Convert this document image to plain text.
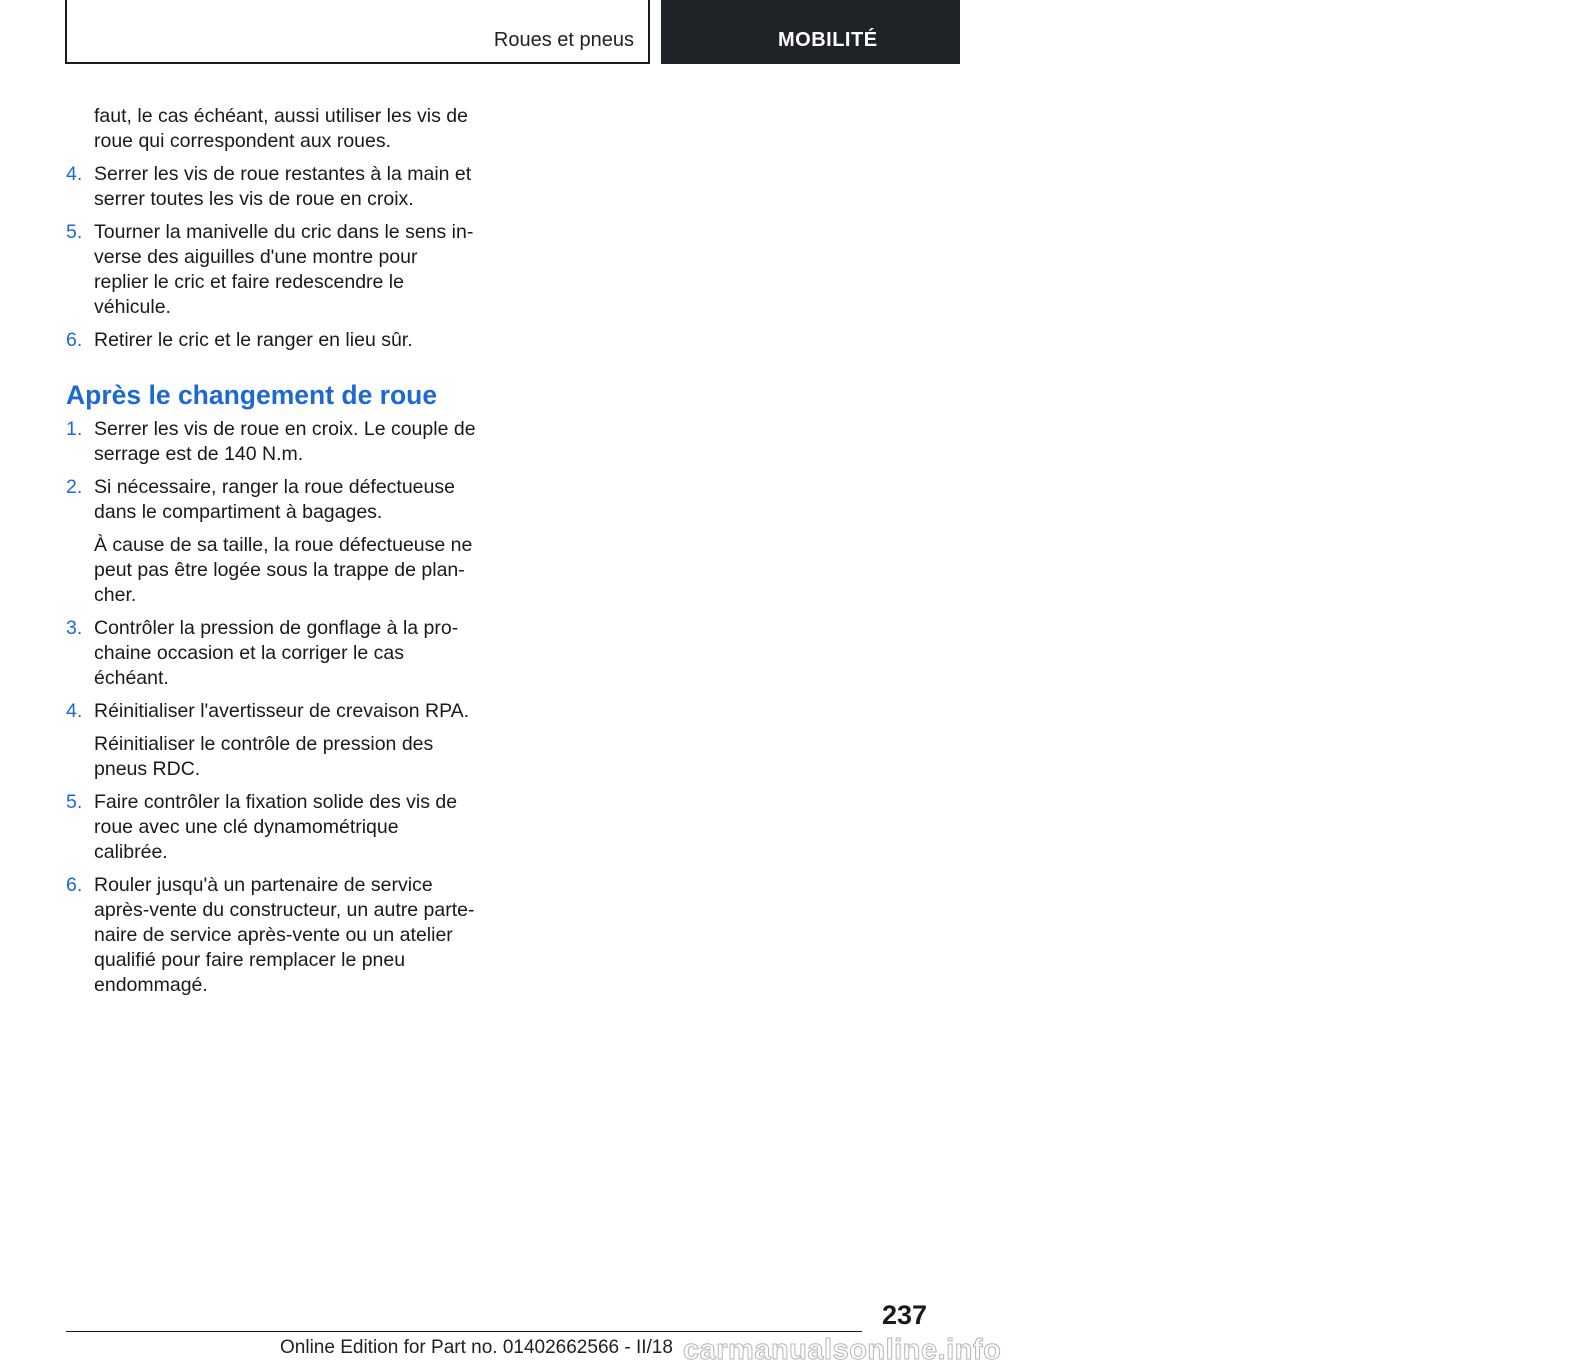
Roues et pneus	MOBILITÉ

faut, le cas échéant, aussi utiliser les vis de roue qui correspondent aux roues.

4. Serrer les vis de roue restantes à la main et serrer toutes les vis de roue en croix.
5. Tourner la manivelle du cric dans le sens inverse des aiguilles d'une montre pour replier le cric et faire redescendre le véhicule.
6. Retirer le cric et le ranger en lieu sûr.
Après le changement de roue
1. Serrer les vis de roue en croix. Le couple de serrage est de 140 N.m.
2. Si nécessaire, ranger la roue défectueuse dans le compartiment à bagages.

À cause de sa taille, la roue défectueuse ne peut pas être logée sous la trappe de plancher.

3. Contrôler la pression de gonflage à la prochaine occasion et la corriger le cas échéant.
4. Réinitialiser l'avertisseur de crevaison RPA.

Réinitialiser le contrôle de pression des pneus RDC.

5. Faire contrôler la fixation solide des vis de roue avec une clé dynamométrique calibrée.
6. Rouler jusqu'à un partenaire de service après-vente du constructeur, un autre partenaire de service après-vente ou un atelier qualifié pour faire remplacer le pneu endommagé.
237
Online Edition for Part no. 01402662566 - II/18 carmanualsonline.info
